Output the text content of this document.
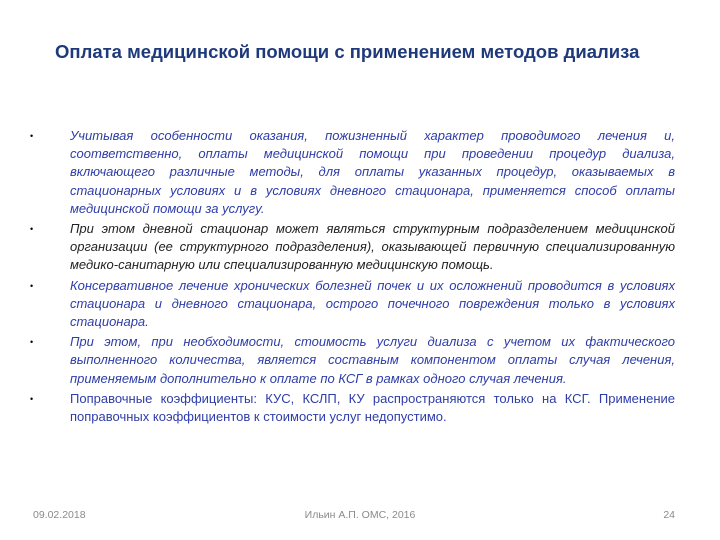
Оплата медицинской помощи с применением методов диализа
•	Учитывая особенности оказания, пожизненный характер проводимого лечения и, соответственно, оплаты медицинской помощи при проведении процедур диализа, включающего различные методы, для оплаты указанных процедур, оказываемых в стационарных условиях и в условиях дневного стационара, применяется способ оплаты медицинской помощи за услугу.
•	При этом дневной стационар может являться структурным подразделением медицинской организации (ее структурного подразделения), оказывающей первичную специализированную медико-санитарную или специализированную медицинскую помощь.
•	Консервативное лечение хронических болезней почек и их осложнений проводится в условиях стационара и дневного стационара, острого почечного повреждения только в условиях стационара.
•	При этом, при необходимости, стоимость услуги диализа с учетом их фактического выполненного количества, является составным компонентом оплаты случая лечения, применяемым дополнительно к оплате по КСГ в рамках одного случая лечения.
•	Поправочные коэффициенты: КУС, КСЛП, КУ распространяются только на КСГ. Применение поправочных коэффициентов к стоимости услуг недопустимо.
09.02.2018	Ильин А.П. ОМС, 2016	24
